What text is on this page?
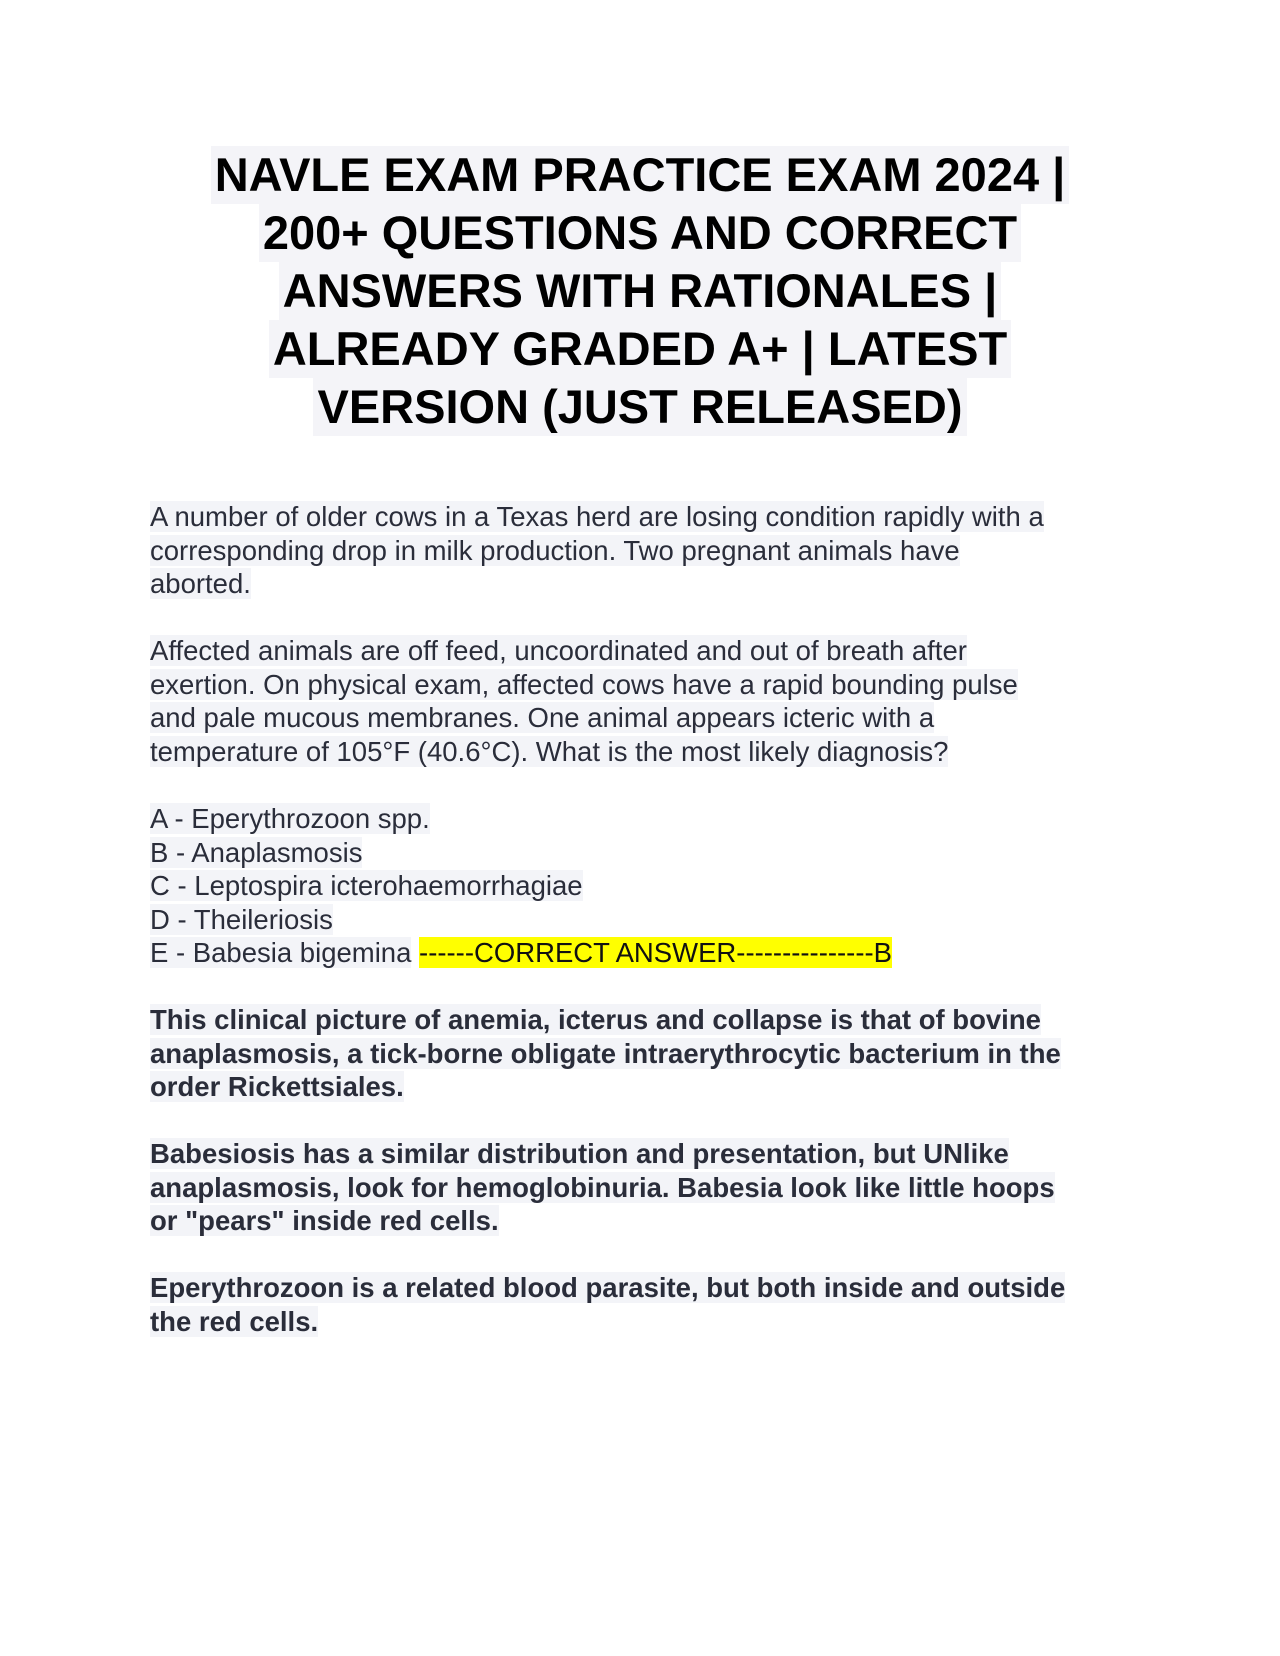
NAVLE EXAM PRACTICE EXAM 2024 |
200+ QUESTIONS AND CORRECT
ANSWERS WITH RATIONALES |
ALREADY GRADED A+ | LATEST
VERSION (JUST RELEASED)

A number of older cows in a Texas herd are losing condition rapidly with a
corresponding drop in milk production. Two pregnant animals have
aborted.

Affected animals are off feed, uncoordinated and out of breath after
exertion. On physical exam, affected cows have a rapid bounding pulse
and pale mucous membranes. One animal appears icteric with a
temperature of 105°F (40.6°C). What is the most likely diagnosis?

A - Eperythrozoon spp.
B - Anaplasmosis
C - Leptospira icterohaemorrhagiae
D - Theileriosis
E - Babesia bigemina ------CORRECT ANSWER---------------B

This clinical picture of anemia, icterus and collapse is that of bovine
anaplasmosis, a tick-borne obligate intraerythrocytic bacterium in the
order Rickettsiales.

Babesiosis has a similar distribution and presentation, but UNlike
anaplasmosis, look for hemoglobinuria. Babesia look like little hoops
or "pears" inside red cells.

Eperythrozoon is a related blood parasite, but both inside and outside
the red cells.
